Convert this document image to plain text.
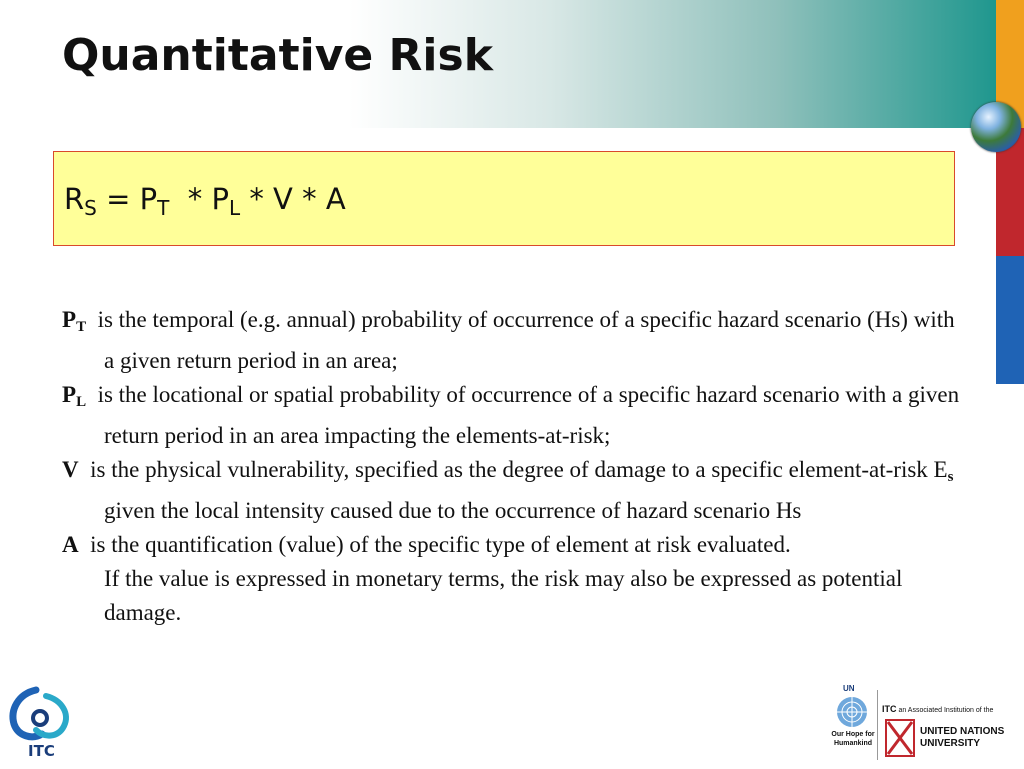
Quantitative Risk
$R_S = P_T * P_L * V * A$

$P_T$  is the temporal (e.g. annual) probability of occurrence of a specific hazard scenario (Hs) with a given return period in an area;

$P_L$  is the locational or spatial probability of occurrence of a specific hazard scenario with a given return period in an area impacting the elements-at-risk;

V  is the physical vulnerability, specified as the degree of damage to a specific element-at-risk $E_s$ given the local intensity caused due to the occurrence of hazard scenario Hs

A  is the quantification (value) of the specific type of element at risk evaluated.

If the value is expressed in monetary terms, the risk may also be expressed as potential damage.

ITC
UN
Our Hope for Humankind
ITC an Associated Institution of the
UNITED NATIONS
UNIVERSITY
